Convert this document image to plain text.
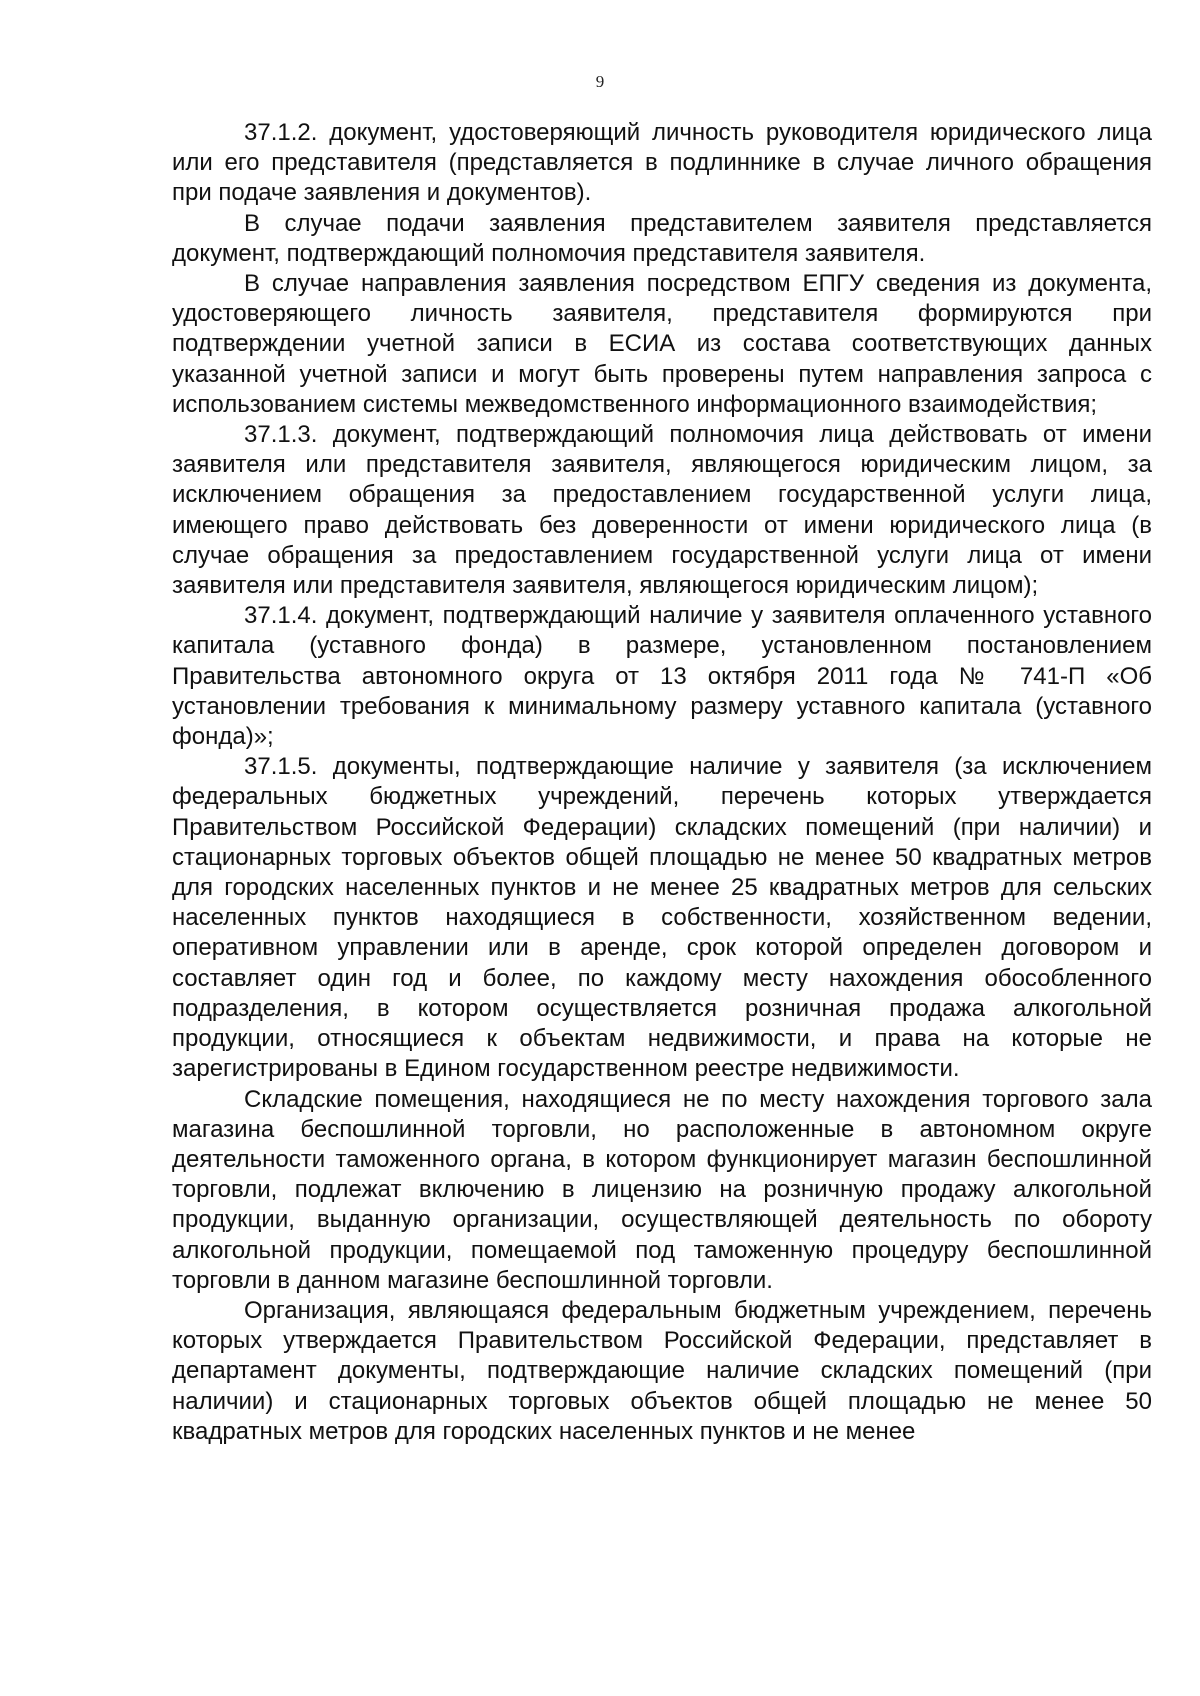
9

37.1.2. документ, удостоверяющий личность руководителя юридического лица или его представителя (представляется в подлиннике в случае личного обращения при подаче заявления и документов).

В случае подачи заявления представителем заявителя представляется документ, подтверждающий полномочия представителя заявителя.

В случае направления заявления посредством ЕПГУ сведения из документа, удостоверяющего личность заявителя, представителя формируются при подтверждении учетной записи в ЕСИА из состава соответствующих данных указанной учетной записи и могут быть проверены путем направления запроса с использованием системы межведомственного информационного взаимодействия;

37.1.3. документ, подтверждающий полномочия лица действовать от имени заявителя или представителя заявителя, являющегося юридическим лицом, за исключением обращения за предоставлением государственной услуги лица, имеющего право действовать без доверенности от имени юридического лица (в случае обращения за предоставлением государственной услуги лица от имени заявителя или представителя заявителя, являющегося юридическим лицом);

37.1.4. документ, подтверждающий наличие у заявителя оплаченного уставного капитала (уставного фонда) в размере, установленном постановлением Правительства автономного округа от 13 октября 2011 года № 741-П «Об установлении требования к минимальному размеру уставного капитала (уставного фонда)»;

37.1.5. документы, подтверждающие наличие у заявителя (за исключением федеральных бюджетных учреждений, перечень которых утверждается Правительством Российской Федерации) складских помещений (при наличии) и стационарных торговых объектов общей площадью не менее 50 квадратных метров для городских населенных пунктов и не менее 25 квадратных метров для сельских населенных пунктов находящиеся в собственности, хозяйственном ведении, оперативном управлении или в аренде, срок которой определен договором и составляет один год и более, по каждому месту нахождения обособленного подразделения, в котором осуществляется розничная продажа алкогольной продукции, относящиеся к объектам недвижимости, и права на которые не зарегистрированы в Едином государственном реестре недвижимости.

Складские помещения, находящиеся не по месту нахождения торгового зала магазина беспошлинной торговли, но расположенные в автономном округе деятельности таможенного органа, в котором функционирует магазин беспошлинной торговли, подлежат включению в лицензию на розничную продажу алкогольной продукции, выданную организации, осуществляющей деятельность по обороту алкогольной продукции, помещаемой под таможенную процедуру беспошлинной торговли в данном магазине беспошлинной торговли.

Организация, являющаяся федеральным бюджетным учреждением, перечень которых утверждается Правительством Российской Федерации, представляет в департамент документы, подтверждающие наличие складских помещений (при наличии) и стационарных торговых объектов общей площадью не менее 50 квадратных метров для городских населенных пунктов и не менее
